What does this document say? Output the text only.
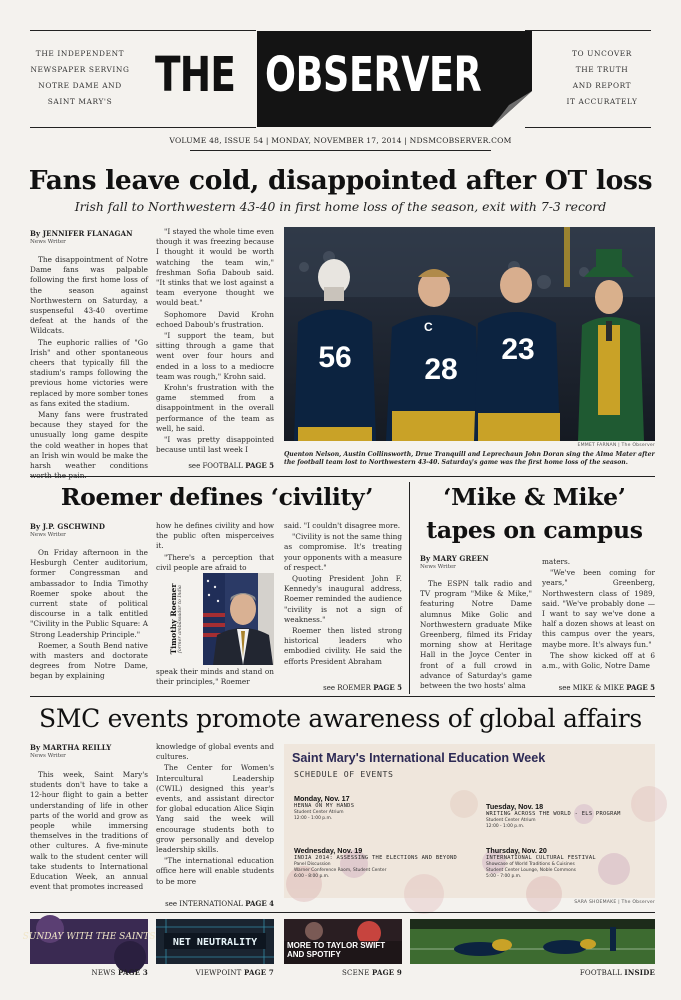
THE INDEPENDENT
NEWSPAPER SERVING
NOTRE DAME AND
SAINT MARY'S
TO UNCOVER
THE TRUTH
AND REPORT
IT ACCURATELY
THE OBSERVER
VOLUME 48, ISSUE 54 | MONDAY, NOVEMBER 17, 2014 | NDSMCOBSERVER.COM
Fans leave cold, disappointed after OT loss
Irish fall to Northwestern 43-40 in first home loss of the season, exit with 7-3 record
By JENNIFER FLANAGAN
News Writer

The disappointment of Notre Dame fans was palpable following the first home loss of the season against Northwestern on Saturday, a suspenseful 43-40 overtime defeat at the hands of the Wildcats.

The euphoric rallies of "Go Irish" and other spontaneous cheers that typically fill the stadium's ramps following the previous home victories were replaced by more somber tones as fans exited the stadium.

Many fans were frustrated because they stayed for the unusually long game despite the cold weather in hopes that an Irish win would be make the harsh weather conditions

"I stayed the whole time even though it was freezing because I thought it would be worth watching the team win," freshman Sofia Daboub said. "It stinks that we lost against a team everyone thought we would beat."

Sophomore David Krohn echoed Daboub's frustration.

"I support the team, but sitting through a game that went over four hours and ended in a loss to a mediocre team was rough," Krohn said.

Krohn's frustration with the game stemmed from a disappointment in the overall performance of the team as well, he said.

"I was pretty disappointed because until last week I

see FOOTBALL PAGE 5
56
C
28
23
EMMET FARNAN | The Observer
Quenton Nelson, Austin Collinsworth, Drue Tranquill and Leprechaun John Doran sing the Alma Mater after the football team lost to Northwestern 43-40. Saturday's game was the first home loss of the season.
Roemer defines ‘civility’
By J.P. GSCHWIND
News Writer

On Friday afternoon in the Hesburgh Center auditorium, former Congressman and ambassador to India Timothy Roemer spoke about the current state of political discourse in a talk entitled "Civility in the Public Square: A Strong Leadership Principle."

Roemer, a South Bend native with masters and doctorate degrees from Notre Dame, began by explaining

how he defines civility and how the public often misperceives it.

"There's a perception that civil people are afraid to

Timothy Roemer former ambassador to India

speak their minds and stand on their principles," Roemer

said. "I couldn't disagree more.

"Civility is not the same thing as compromise. It's treating your opponents with a measure of respect."

Quoting President John F. Kennedy's inaugural address, Roemer reminded the audience "civility is not a sign of weakness."

Roemer then listed strong historical leaders who embodied civility. He said the efforts President Abraham

see ROEMER PAGE 5
‘Mike & Mike’
tapes on campus
By MARY GREEN
News Writer

The ESPN talk radio and TV program "Mike & Mike," featuring Notre Dame alumnus Mike Golic and Northwestern graduate Mike Greenberg, filmed its Friday morning show at Heritage Hall in the Joyce Center in front of a full crowd in advance of Saturday's game between the two hosts' alma

maters.

"We've been coming for years," Greenberg, Northwestern class of 1989, said. "We've probably done — I want to say we've done a half a dozen shows at least on this campus over the years, maybe more. It's always fun."

The show kicked off at 6 a.m., with Golic, Notre Dame

see MIKE & MIKE PAGE 5
SMC events promote awareness of global affairs
By MARTHA REILLY
News Writer

This week, Saint Mary's students don't have to take a 12-hour flight to gain a better understanding of life in other parts of the world and grow as people while immersing themselves in the traditions of other cultures. A five-minute walk to the student center will take students to International Education Week, an annual event that promotes increased

knowledge of global events and cultures.

The Center for Women's Intercultural Leadership (CWIL) designed this year's events, and assistant director for global education Alice Siqin Yang said the week will encourage students both to grow personally and develop leadership skills.

"The international education office here will enable students to be more

see INTERNATIONAL PAGE 4
Saint Mary's International Education Week
SCHEDULE OF EVENTS
Monday, Nov. 17
HENNA ON MY HANDS
Student Center Atrium
12:00 - 1:00 p.m.
Tuesday, Nov. 18
WRITING ACROSS THE WORLD - ELS PROGRAM
Student Center Atrium
12:00 - 1:00 p.m.
Wednesday, Nov. 19
INDIA 2014: ASSESSING THE ELECTIONS AND BEYOND
Panel Discussion
Warner Conference Room, Student Center
6:00 - 8:00 p.m.
Thursday, Nov. 20
INTERNATIONAL CULTURAL FESTIVAL
Showcase of World Traditions & Cuisines
Student Center Lounge, Noble Commons
5:00 - 7:00 p.m.
SARA SHOEMAKE | The Observer
SUNDAY WITH THE SAINTS NET NEUTRALITY	MORE TO TAYLOR SWIFT AND SPOTIFY
NEWS PAGE 3	VIEWPOINT PAGE 7	SCENE PAGE 9	FOOTBALL INSIDE
